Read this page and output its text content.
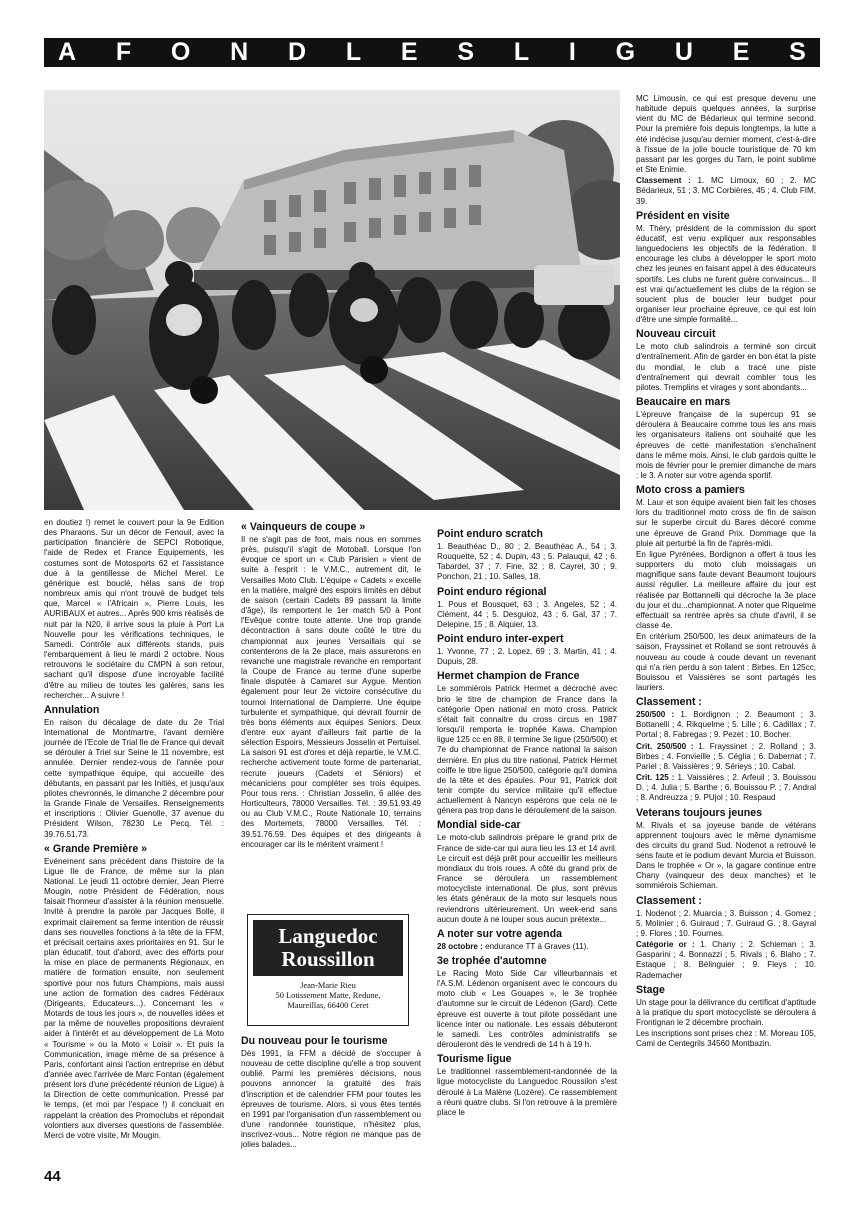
A F O N D L E S L I G U E S

en doutiez !) remet le couvert pour la 9e Edition des Pharaons. Sur un décor de Fenouil, avec la participation financière de SEPCI Robotique, l'aide de Redex et France Equipements, les costumes sont de Motosports 62 et l'assistance due à la gentillesse de Michel Merel. Le générique est bouclé, hélas sans de trop nombreux amis qui n'ont trouvé de budget tels que, Marcel « l'Africain », Pierre Louis, les AURIBAUX et autres... Après 900 kms réalisés de nuit par la N20, il arrive sous la pluie à Port La Nouvelle pour les vérifications techniques, le Samedi. Contrôle aux différents stands, puis l'embarquement à lieu le mardi 2 octobre. Nous retrouvons le sociétaire du CMPN à son retour, sachant qu'il dispose d'une incroyable facilité d'être au milieu de toutes les galères, sans les rechercher... A suivre !

Annulation

En raison du décalage de date du 2e Trial International de Montmartre, l'avant dernière journée de l'Ecole de Trial Ile de France qui devait se dérouler à Triel sur Seine le 11 novembre, est annulée. Dernier rendez-vous de l'année pour cette sympathique équipe, qui accueille des débutants, en passant par les Initiés, et jusqu'aux pilotes chevronnés, le dimanche 2 décembre pour la Grande Finale de Versailles. Renseignements et inscriptions : Olivier Guenolle, 37 avenue du Président Wilson, 78230 Le Pecq. Tél. : 39.76.51.73.

« Grande Première »

Evénement sans précédent dans l'histoire de la Ligue Ile de France, de même sur la plan National. Le jeudi 11 octobre dernier, Jean Pierre Mougin, notre Président de Fédération, nous faisait l'honneur d'assister à la réunion mensuelle. Invité à prendre la parole par Jacques Bolle, il exprimait clairement sa ferme intention de réussir dans ses nouvelles fonctions à la tête de la FFM, et précisait certains axes prioritaires en 91. Sur le plan éducatif, tout d'abord, avec des efforts pour la mise en place de permanents Régionaux, en matière de formation ensuite, non seulement sportive pour nos futurs Champions, mais aussi une action de formation des cadres Fédéraux (Dirigeants, Educateurs...). Concernant les « Motards de tous les jours », de nouvelles idées et par la même de nouvelles propositions devraient aider à l'intérêt et au développement de La Moto « Tourisme » ou la Moto « Loisir ». Et puis la Communication, image même de sa présence à Paris, confortant ainsi l'action entreprise en début d'année avec l'arrivée de Marc Fontan (également présent lors d'une précédente réunion de Ligue) à la Direction de cette communication. Pressé par le temps, (et moi par l'espace !) il concluait en rappelant la création des Promoclubs et répondait volontiers aux diverses questions de l'assemblée. Merci de votre visite, Mr Mougin.

« Vainqueurs de coupe »

Il ne s'agit pas de foot, mais nous en sommes près, puisqu'il s'agit de Motoball. Lorsque l'on évoque ce sport un « Club Parisien » vient de suite à l'esprit : le V.M.C., autrement dit, le Versailles Moto Club. L'équipe « Cadets » excelle en la matière, malgré des espoirs limités en début de saison (certain Cadets 89 passant la limite d'âge), ils remportent le 1er match 5/0 à Pont l'Evêque contre toute attente. Une trop grande décontraction à sans doute coûté le titre du championnat aux jeunes Versaillais qui se contenterons de la 2e place, mais assurerons en revanche une magistrale revanche en remportant la Coupe de France au terme d'une superbe finale disputée à Camaret sur Aygue. Mention également pour leur 2e victoire consécutive du tournoi International de Dampierre. Une équipe turbulente et sympathique, qui devrait fournir de très bons éléments aux équipes Seniors. Deux d'entre eux ayant d'ailleurs fait partie de la sélection Espoirs, Messieurs Josselin et Pertuisel. La saison 91 est d'ores et déjà repartie, le V.M.C. recherche activement toute forme de partenariat, recrute joueurs (Cadets et Séniors) et mécaniciens pour compléter ses trois équipes. Pour tous rens. : Christian Josselin, 6 allée des Horticulteurs, 78000 Versailles. Tél. : 39.51.93.49 ou au Club V.M.C., Route Nationale 10, terrains des Mortemets, 78000 Versailles. Tél. : 39.51.76.59. Des équipes et des dirigeants à encourager car ils le méritent vraiment !

Languedoc
Roussillon
Jean-Marie Rieu
50 Lotissement Matte, Redune,
Maureillas, 66400 Ceret
Du nouveau pour le tourisme

Dès 1991, la FFM a décidé de s'occuper à nouveau de cette discipline qu'elle a trop souvent oublié. Parmi les premières décisions, nous pouvons annoncer la gratuité des frais d'inscription et de calendrier FFM pour toutes les épreuves de tourisme. Alors, si vous êtes tentés en 1991 par l'organisation d'un rassemblement ou d'une randonnée touristique, n'hésitez plus, inscrivez-vous... Notre région ne manque pas de jolies balades...

Point enduro scratch

1. Beauthéac D., 80 ; 2. Beauthéac A., 54 ; 3. Rouquette, 52 ; 4. Dupin, 43 ; 5. Palauqui, 42 ; 6. Tabardel, 37 ; 7. Fine, 32 ; 8. Cayrel, 30 ; 9. Ponchon, 21 ; 10. Salles, 18.

Point enduro régional

1. Pous et Bousquet, 63 ; 3. Angeles, 52 ; 4. Clément, 44 ; 5. Desguioz, 43 ; 6. Gal, 37 ; 7. Delepine, 15 ; 8. Alquier, 13.

Point enduro inter-expert

1. Yvonne, 77 ; 2. Lopez, 69 ; 3. Martin, 41 ; 4. Dupuis, 28.

Hermet champion de France

Le sommiérois Patrick Hermet a décroché avec brio le titre de champion de France dans la catégorie Open national en moto cross. Patrick s'était fait connaitre du cross circus en 1987 lorsqu'il remporta le trophée Kawa. Champion ligue 125 cc en 88, il termine 3e ligue (250/500) et 7e du championnat de France national la saison dernière. En plus du titre national, Patrick Hermet coiffe le titre ligue 250/500, catégorie qu'il domina de la tête et des épaules. Pour 91, Patrick doit tenir compte du service militaire qu'il effectue actuellement à Nancyn espérons que cela ne le génera pas trop dans le déroulement de la saison.

Mondial side-car

Le moto-club salindrois prépare le grand prix de France de side-car qui aura lieu les 13 et 14 avril. Le circuit est déjà prêt pour accueillir les meilleurs mondiaux du trois roues. A côté du grand prix de France se déroulera un rassemblement motocycliste international. De plus, sont prévus les états généraux de la moto sur lesquels nous reviendrons ultérieurement. Un week-end sans aucun doute à ne louper sous aucun prétexte...

A noter sur votre agenda

28 octobre : endurance TT à Graves (11).

3e trophée d'automne

Le Racing Moto Side Car villeurbannais et l'A.S.M. Lédenon organisent avec le concours du moto club « Les Gouapes », le 3e trophée d'automne sur le circuit de Lédenon (Gard). Cette épreuve est ouverte à tout pilote possédant une licence inter ou nationale. Les essais débuteront le samedi. Les contrôles administratifs se dérouleront dès le vendredi de 14 h à 19 h.

Tourisme ligue

Le traditionnel rassemblement-randonnée de la ligue motocycliste du Languedoc Roussilon s'est déroulé à La Malène (Lozère). Ce rassemblement a réuni quatre clubs. Si l'on retrouve à la première place le

MC Limousin, ce qui est presque devenu une habitude depuis quelques années, la surprise vient du MC de Bédarieux qui termine second. Pour la première fois depuis longtemps, la lutte a été indécise jusqu'au dernier moment, c'est-à-dire à l'issue de la jolie boucle touristique de 70 km passant par les gorges du Tarn, le point sublime et Ste Enimie.

Classement : 1. MC Limoux, 60 ; 2. MC Bédarieux, 51 ; 3. MC Corbières, 45 ; 4. Club FIM, 39.

Président en visite

M. Théry, président de la commission du sport éducatif, est venu expliquer aux responsables languedociens les objectifs de la fédération. Il encourage les clubs à développer le sport moto chez les jeunes en faisant appel à des éducateurs sportifs. Les clubs ne furent guère convaincus... Il est vrai qu'actuellement les clubs de la région se soucient plus de boucler leur budget pour organiser leur prochaine épreuve, ce qui est loin d'être une simple formalité...

Nouveau circuit

Le moto club salindrois a terminé son circuit d'entraînement. Afin de garder en bon état la piste du mondial, le club a tracé une piste d'entraînement qui devrait combler tous les pilotes. Tremplins et virages y sont abondants...

Beaucaire en mars

L'épreuve française de la supercup 91 se déroulera à Beaucaire comme tous les ans mais les organisateurs italiens ont souhaité que les épreuves de cette manifestation s'enchaînent dans le même mois. Ainsi, le club gardois quitte le mois de février pour le premier dimanche de mars : le 3. A noter sur votre agenda sportif.

Moto cross a pamiers

M. Laur et son équipe avaient bien fait les choses lors du traditionnel moto cross de fin de saison sur le superbe circuit du Bares décoré comme une épreuve de Grand Prix. Dommage que la pluie ait perturbé la fin de l'après-midi.

En ligue Pyrénées, Bordignon a offert à tous les supporters du moto club moissagais un magnifique sans faute devant Beaumont toujours aussi régulier. La meilleure affaire du jour est réalisée par Bottannelli qui décroche la 3e place du jour et du...championnat. A noter que Riquelme effectuait sa rentrée après sa chute d'avril, il se classe 4e.

En critérium 250/500, les deux animateurs de la saison, Frayssinet et Rolland se sont retrouvés à nouveau au coude à coude devant un revenant qui n'a rien perdu à son talent : Birbes. En 125cc, Bouissou et Vaissières se sont partagés les lauriers.

Classement :

250/500 : 1. Bordignon ; 2. Beaumont ; 3. Bottanelli ; 4. Rikquelme ; 5. Lille ; 6. Cadillax ; 7. Portal ; 8. Fabregas ; 9. Pezet ; 10. Bocher.

Crit. 250/500 : 1. Frayssinet ; 2. Rolland ; 3. Birbes ; 4. Fonvieille ; 5. Céglia ; 6. Dabernat ; 7. Pariel ; 8. Vaissières ; 9. Sérieys ; 10. Cabal.

Crit. 125 : 1. Vaissières ; 2. Arfeuil ; 3. Bouissou D. ; 4. Julia ; 5. Barthe ; 6. Bouissou P. ; 7. Andral ; 8. Andreuzza ; 9. PUjol ; 10. Respaud

Veterans toujours jeunes

M. Rivals et sa joyeuse bande de vétérans apprennent toujours avec le même dynamisme des circuits du grand Sud. Nodenot a retrouvé le sens faute et le podium devant Murcia et Buisson. Dans le trophée « Or », la gagare continue entre Chany (vainqueur des deux manches) et le sommiérois Schieman.

Classement :

1. Nodenot ; 2. Muarcia ; 3. Buisson ; 4. Gomez ; 5. Molinier ; 6. Guiraud ; 7. Guiraud G. ; 8. Gayral ; 9. Flores ; 10. Fournes.

Catégorie or : 1. Chany ; 2. Schieman ; 3. Gasparini ; 4. Bonnazzi ; 5. Rivals ; 6. Blaho ; 7. Estaque ; 8. Bélinguier ; 9. Fleys ; 10. Rademacher

Stage

Un stage pour la délivrance du certificat d'aptitude à la pratique du sport motocycliste se déroulera à Frontignan le 2 décembre prochain.

Les inscriptions sont prises chez : M. Moreau 105, Cami de Centegrils 34560 Montbazin.

44
